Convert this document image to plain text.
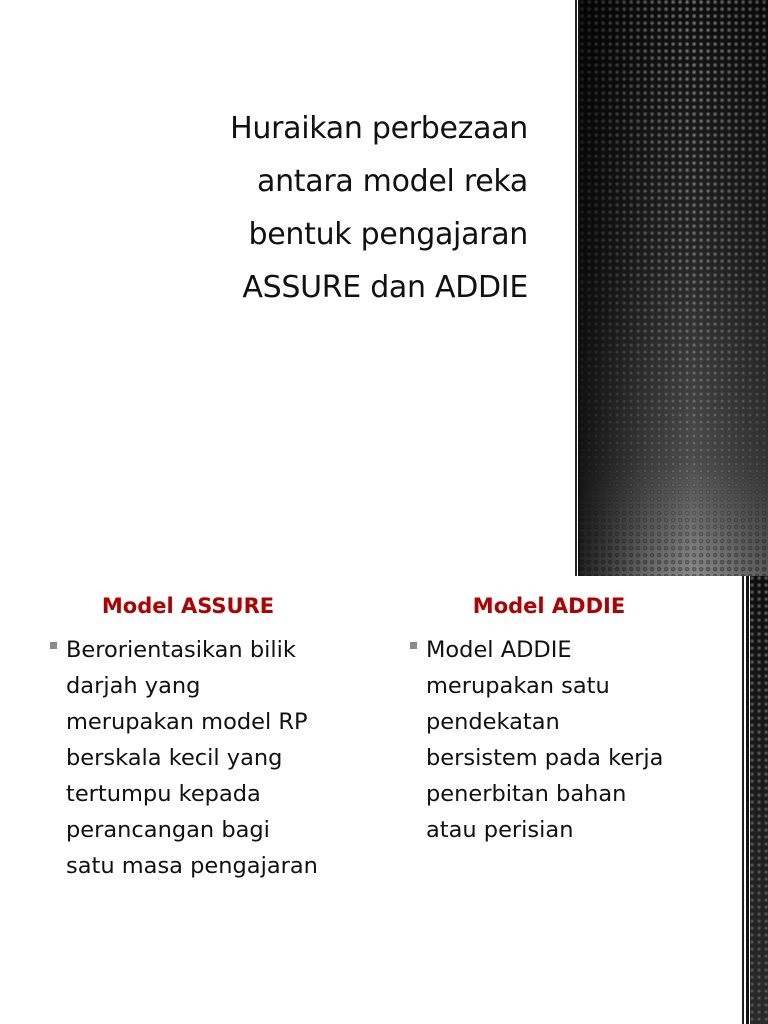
Huraikan perbezaan
antara model reka
bentuk pengajaran
ASSURE dan ADDIE
Model ASSURE

Berorientasikan bilik
darjah yang
merupakan model RP
berskala kecil yang
tertumpu kepada
perancangan bagi
satu masa pengajaran

Model ADDIE

Model ADDIE
merupakan satu
pendekatan
bersistem pada kerja
penerbitan bahan
atau perisian
